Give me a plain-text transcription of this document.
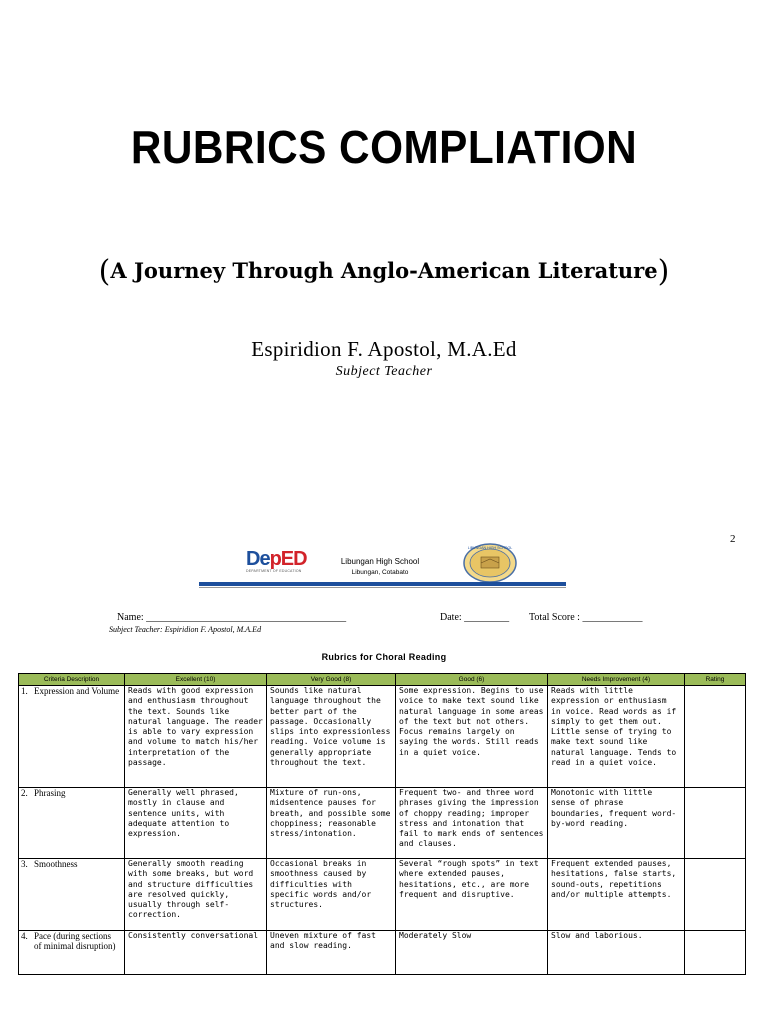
RUBRICS COMPLIATION
(A Journey Through Anglo-American Literature)
Espiridion F. Apostol, M.A.Ed
Subject Teacher
2
DepED
DEPARTMENT OF EDUCATION
Libungan High School
Libungan, Cotabato
LIBUNGAN HIGH SCHOOL
Name: ________________________________________	Date: _________ Total Score : ____________
Subject Teacher: Espiridion F. Apostol, M.A.Ed
Rubrics for Choral Reading
Criteria Description	Excellent (10)	Very Good (8)	Good (6)	Needs Improvement (4)	Rating
1. Expression and Volume	Reads with good expression and enthusiasm throughout the text. Sounds like natural language. The reader is able to vary expression and volume to match his/her interpretation of the passage.	Sounds like natural language throughout the better part of the passage. Occasionally slips into expressionless reading. Voice volume is generally appropriate throughout the text.	Some expression. Begins to use voice to make text sound like natural language in some areas of the text but not others. Focus remains largely on saying the words. Still reads in a quiet voice.	Reads with little expression or enthusiasm in voice. Read words as if simply to get them out. Little sense of trying to make text sound like natural language. Tends to read in a quiet voice.	
2. Phrasing	Generally well phrased, mostly in clause and sentence units, with adequate attention to expression.	Mixture of run-ons, midsentence pauses for breath, and possible some choppiness; reasonable stress/intonation.	Frequent two- and three word phrases giving the impression of choppy reading; improper stress and intonation that fail to mark ends of sentences and clauses.	Monotonic with little sense of phrase boundaries, frequent word-by-word reading.	
3. Smoothness	Generally smooth reading with some breaks, but word and structure difficulties are resolved quickly, usually through self-correction.	Occasional breaks in smoothness caused by difficulties with specific words and/or structures.	Several “rough spots” in text where extended pauses, hesitations, etc., are more frequent and disruptive.	Frequent extended pauses, hesitations, false starts, sound-outs, repetitions and/or multiple attempts.	
4. Pace (during sections of minimal disruption)	Consistently conversational	Uneven mixture of fast and slow reading.	Moderately Slow	Slow and laborious.	
